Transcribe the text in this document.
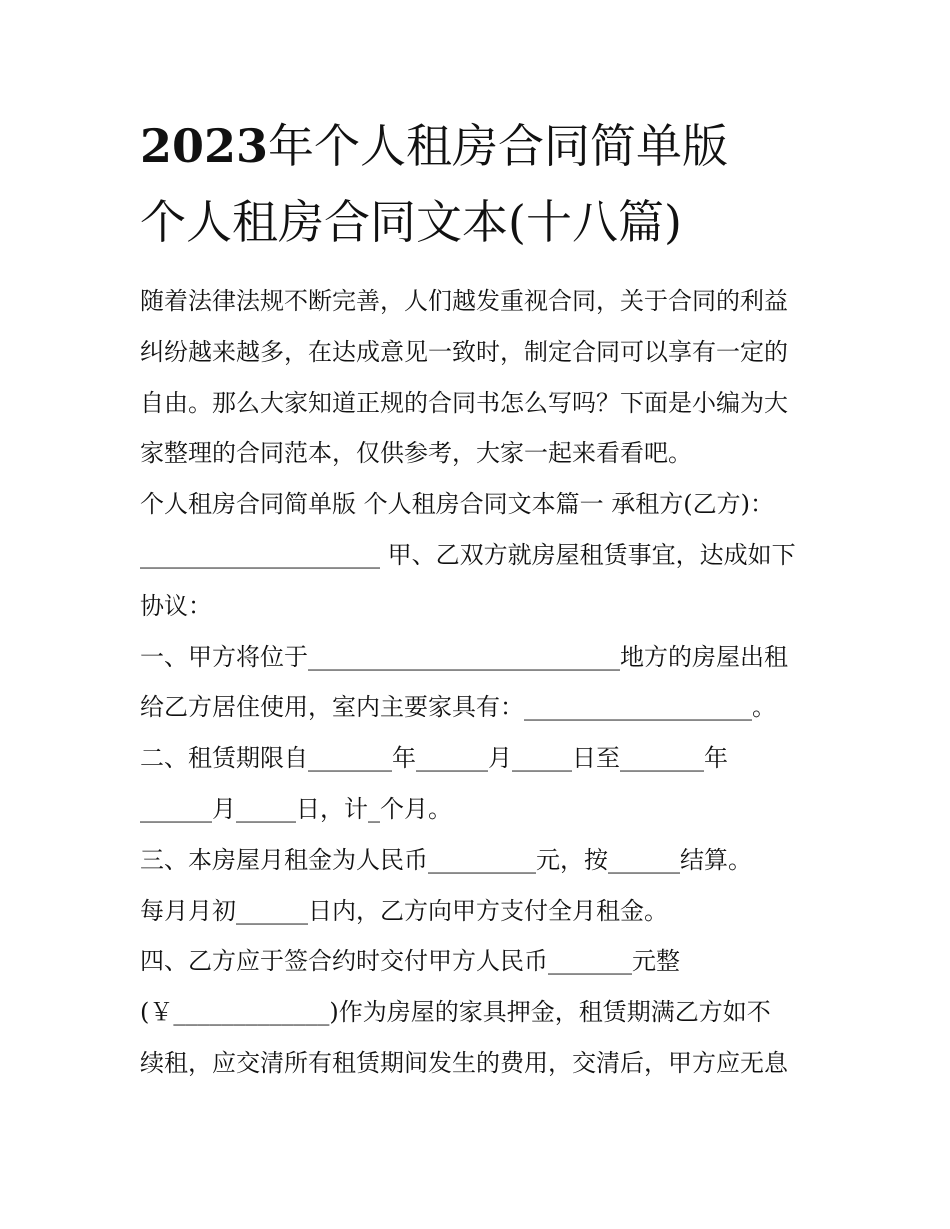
2023年个人租房合同简单版
个人租房合同文本(十八篇)
随着法律法规不断完善，人们越发重视合同，关于合同的利益
纠纷越来越多，在达成意见一致时，制定合同可以享有一定的
自由。那么大家知道正规的合同书怎么写吗？下面是小编为大
家整理的合同范本，仅供参考，大家一起来看看吧。
个人租房合同简单版 个人租房合同文本篇一 承租方(乙方)：
____________________ 甲、乙双方就房屋租赁事宜，达成如下
协议：
一、甲方将位于__________________________地方的房屋出租
给乙方居住使用，室内主要家具有：___________________。
二、租赁期限自_______年______月_____日至_______年
______月_____日，计_个月。
三、本房屋月租金为人民币_________元，按______结算。
每月月初______日内，乙方向甲方支付全月租金。
四、乙方应于签合约时交付甲方人民币_______元整
(￥_____________)作为房屋的家具押金，租赁期满乙方如不
续租，应交清所有租赁期间发生的费用，交清后，甲方应无息
